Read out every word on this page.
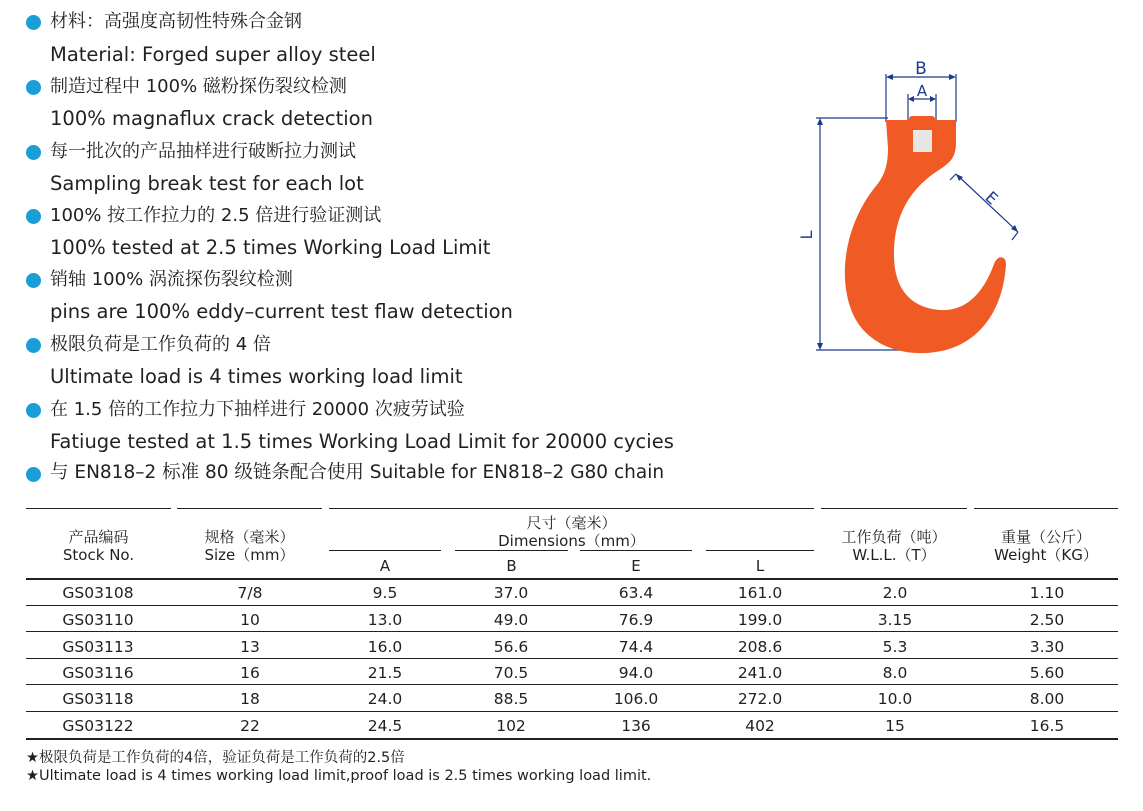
材料：高强度高韧性特殊合金钢
Material: Forged super alloy steel
制造过程中 100% 磁粉探伤裂纹检测
100% magnaflux crack detection
每一批次的产品抽样进行破断拉力测试
Sampling break test for each lot
100% 按工作拉力的 2.5 倍进行验证测试
100% tested at 2.5 times Working Load Limit
销轴 100% 涡流探伤裂纹检测
pins are 100% eddy–current test flaw detection
极限负荷是工作负荷的 4 倍
Ultimate load is 4 times working load limit
在 1.5 倍的工作拉力下抽样进行 20000 次疲劳试验
Fatiuge tested at 1.5 times Working Load Limit for 20000 cycies
与 EN818–2 标准 80 级链条配合使用 Suitable for EN818–2 G80 chain
B
A
E
L
产品编码
Stock No.
规格（毫米）
Size（mm）
尺寸（毫米）
Dimensions（mm）
A	B	E	L
工作负荷（吨）
W.L.L.（T）
重量（公斤）
Weight（KG）
GS03108	7/8	9.5	37.0	63.4	161.0	2.0	1.10
GS03110	10	13.0	49.0	76.9	199.0	3.15	2.50
GS03113	13	16.0	56.6	74.4	208.6	5.3	3.30
GS03116	16	21.5	70.5	94.0	241.0	8.0	5.60
GS03118	18	24.0	88.5	106.0	272.0	10.0	8.00
GS03122	22	24.5	102	136	402	15	16.5
★极限负荷是工作负荷的4倍，验证负荷是工作负荷的2.5倍
★Ultimate load is 4 times working load limit,proof load is 2.5 times working load limit.
